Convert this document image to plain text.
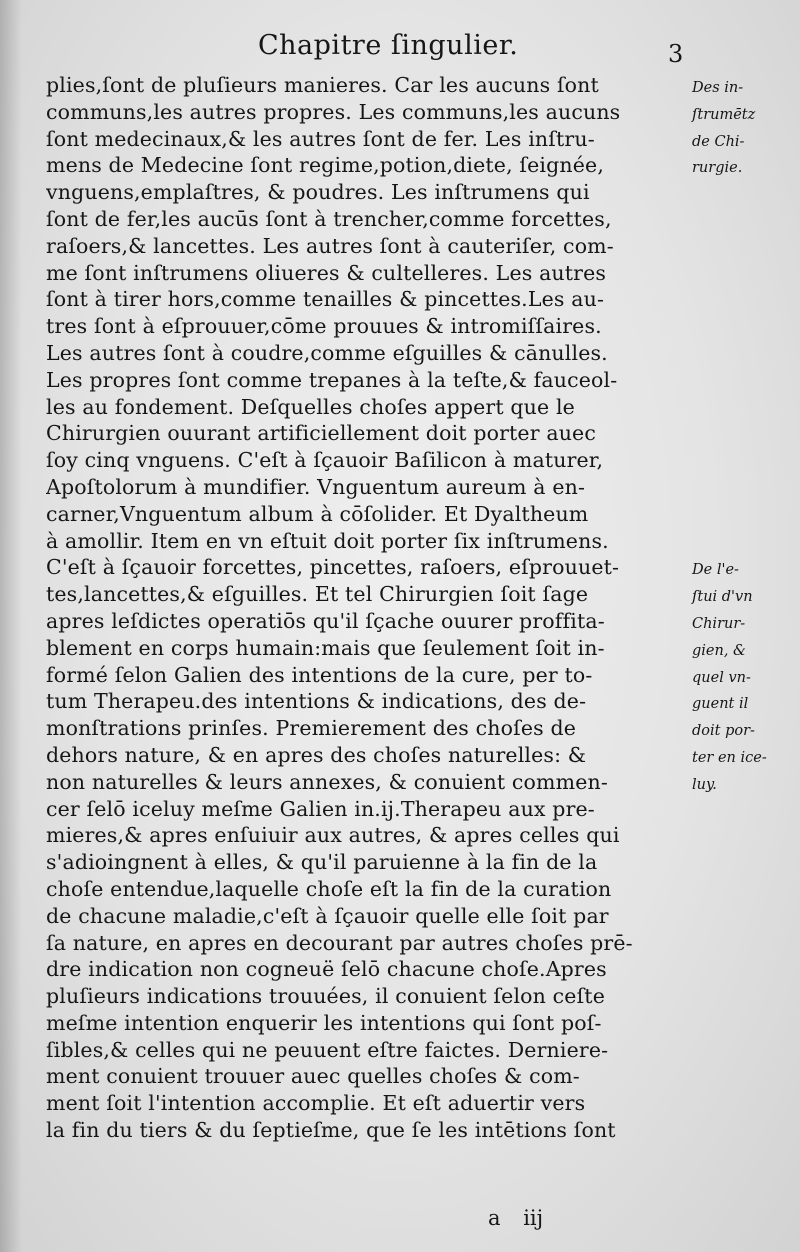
Chapitre ſingulier.	3
plies,ſont de pluſieurs manieres. Car les aucuns ſont	Des in-
communs,les autres propres. Les communs,les aucuns	ſtrumētz
ſont medecinaux,& les autres ſont de fer. Les inſtru-	de Chi-
mens de Medecine ſont regime,potion,diete, ſeignée,	rurgie.
vnguens,emplaſtres, & poudres. Les inſtrumens qui
ſont de fer,les aucūs ſont à trencher,comme forcettes,
raſoers,& lancettes. Les autres ſont à cauteriſer, com-
me ſont inſtrumens oliueres & cultelleres. Les autres
ſont à tirer hors,comme tenailles & pincettes.Les au-
tres ſont à eſprouuer,cōme prouues & intromiſſaires.
Les autres ſont à coudre,comme eſguilles & cānulles.
Les propres ſont comme trepanes à la teſte,& fauceol-
les au fondement. Deſquelles choſes appert que le
Chirurgien ouurant artificiellement doit porter auec
ſoy cinq vnguens. C'eſt à ſçauoir Baſilicon à maturer,
Apoſtolorum à mundifier. Vnguentum aureum à en-
carner,Vnguentum album à cōſolider. Et Dyaltheum
à amollir. Item en vn eſtuit doit porter ſix inſtrumens.
C'eſt à ſçauoir forcettes, pincettes, raſoers, eſprouuet-	De l'e-
tes,lancettes,& eſguilles. Et tel Chirurgien ſoit ſage	ſtui d'vn
apres leſdictes operatiōs qu'il ſçache ouurer proffita-	Chirur-
blement en corps humain:mais que ſeulement ſoit in-	gien, &
formé ſelon Galien des intentions de la cure, per to-	quel vn-
tum Therapeu.des intentions & indications, des de-	guent il
monſtrations prinſes. Premierement des choſes de	doit por-
dehors nature, & en apres des choſes naturelles: &	ter en ice-
non naturelles & leurs annexes, & conuient commen-	luy.
cer ſelō iceluy meſme Galien in.ij.Therapeu aux pre-
mieres,& apres enſuiuir aux autres, & apres celles qui
s'adioingnent à elles, & qu'il paruienne à la fin de la
choſe entendue,laquelle choſe eſt la fin de la curation
de chacune maladie,c'eſt à ſçauoir quelle elle ſoit par
ſa nature, en apres en decourant par autres choſes prē-
dre indication non cogneuë ſelō chacune choſe.Apres
pluſieurs indications trouuées, il conuient ſelon ceſte
meſme intention enquerir les intentions qui ſont poſ-
ſibles,& celles qui ne peuuent eſtre faictes. Derniere-
ment conuient trouuer auec quelles choſes & com-
ment ſoit l'intention accomplie. Et eſt aduertir vers
la fin du tiers & du ſeptieſme, que ſe les intētions ſont
a iij
